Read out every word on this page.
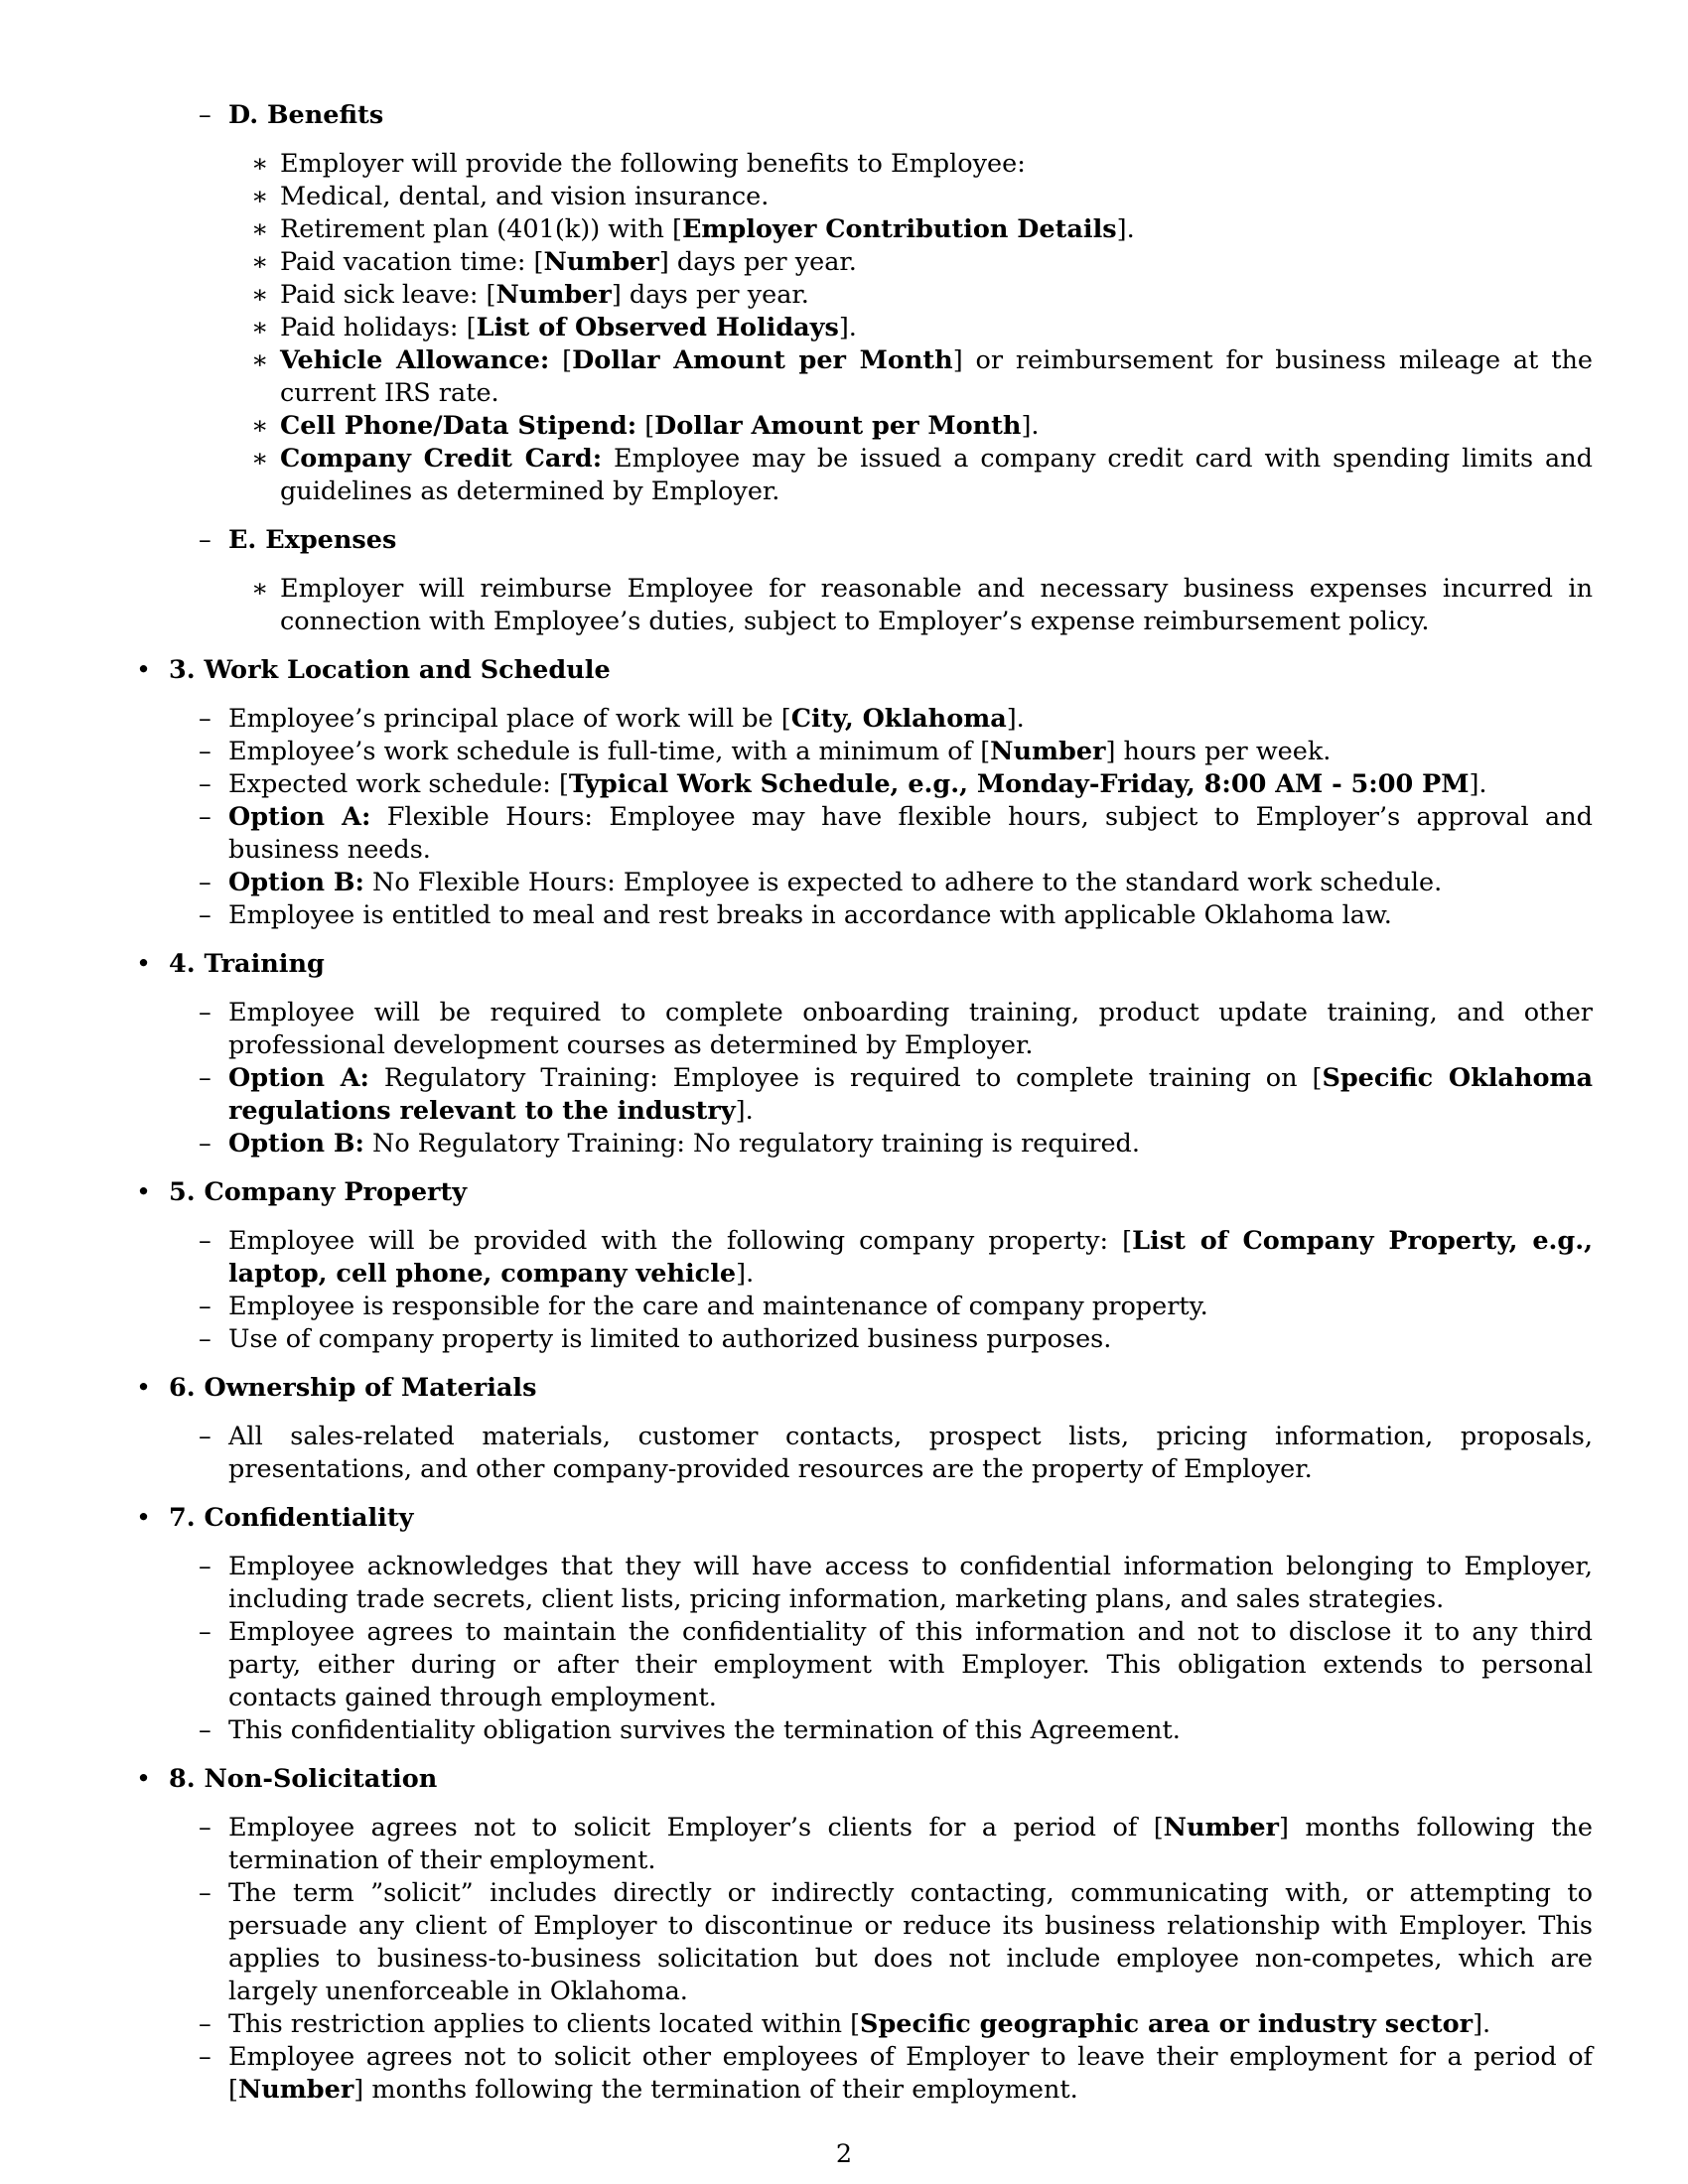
– D. Benefits
∗ Employer will provide the following benefits to Employee:
∗ Medical, dental, and vision insurance.
∗ Retirement plan (401(k)) with [Employer Contribution Details].
∗ Paid vacation time: [Number] days per year.
∗ Paid sick leave: [Number] days per year.
∗ Paid holidays: [List of Observed Holidays].
∗ Vehicle Allowance: [Dollar Amount per Month] or reimbursement for business mileage at the current IRS rate.
∗ Cell Phone/Data Stipend: [Dollar Amount per Month].
∗ Company Credit Card: Employee may be issued a company credit card with spending limits and guidelines as determined by Employer.
– E. Expenses
∗ Employer will reimburse Employee for reasonable and necessary business expenses incurred in connection with Employee’s duties, subject to Employer’s expense reimbursement policy.
• 3. Work Location and Schedule
– Employee’s principal place of work will be [City, Oklahoma].
– Employee’s work schedule is full-time, with a minimum of [Number] hours per week.
– Expected work schedule: [Typical Work Schedule, e.g., Monday-Friday, 8:00 AM - 5:00 PM].
– Option A: Flexible Hours: Employee may have flexible hours, subject to Employer’s approval and business needs.
– Option B: No Flexible Hours: Employee is expected to adhere to the standard work schedule.
– Employee is entitled to meal and rest breaks in accordance with applicable Oklahoma law.
• 4. Training
– Employee will be required to complete onboarding training, product update training, and other professional development courses as determined by Employer.
– Option A: Regulatory Training: Employee is required to complete training on [Specific Oklahoma regulations relevant to the industry].
– Option B: No Regulatory Training: No regulatory training is required.
• 5. Company Property
– Employee will be provided with the following company property: [List of Company Property, e.g., laptop, cell phone, company vehicle].
– Employee is responsible for the care and maintenance of company property.
– Use of company property is limited to authorized business purposes.
• 6. Ownership of Materials
– All sales-related materials, customer contacts, prospect lists, pricing information, proposals, presentations, and other company-provided resources are the property of Employer.
• 7. Confidentiality
– Employee acknowledges that they will have access to confidential information belonging to Employer, including trade secrets, client lists, pricing information, marketing plans, and sales strategies.
– Employee agrees to maintain the confidentiality of this information and not to disclose it to any third party, either during or after their employment with Employer. This obligation extends to personal contacts gained through employment.
– This confidentiality obligation survives the termination of this Agreement.
• 8. Non-Solicitation
– Employee agrees not to solicit Employer’s clients for a period of [Number] months following the termination of their employment.
– The term ”solicit” includes directly or indirectly contacting, communicating with, or attempting to persuade any client of Employer to discontinue or reduce its business relationship with Employer. This applies to business-to-business solicitation but does not include employee non-competes, which are largely unenforceable in Oklahoma.
– This restriction applies to clients located within [Specific geographic area or industry sector].
– Employee agrees not to solicit other employees of Employer to leave their employment for a period of [Number] months following the termination of their employment.
2
